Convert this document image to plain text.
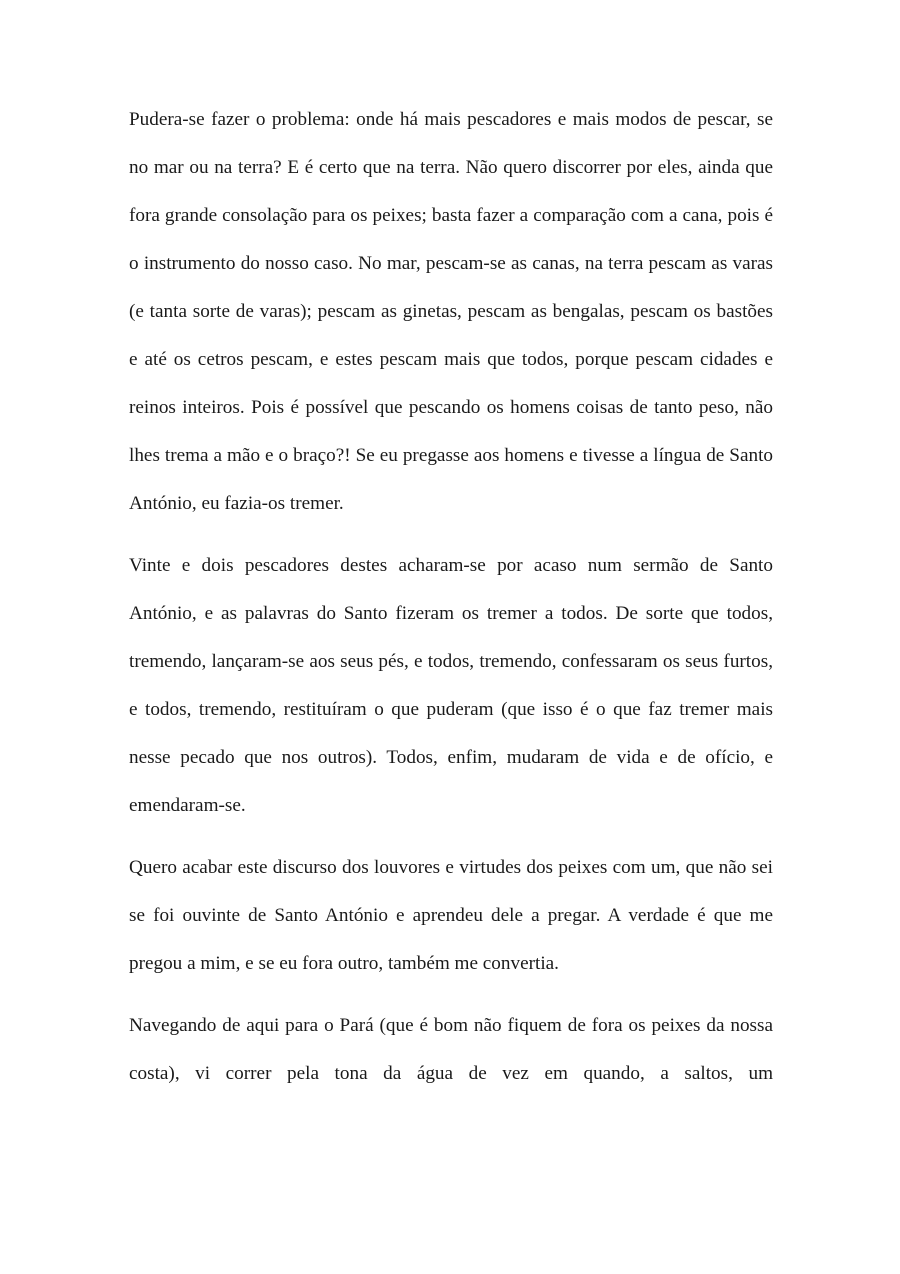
Pudera-se fazer o problema: onde há mais pescadores e mais modos de pescar, se no mar ou na terra? E é certo que na terra. Não quero discorrer por eles, ainda que fora grande consolação para os peixes; basta fazer a comparação com a cana, pois é o instrumento do nosso caso. No mar, pescam-se as canas, na terra pescam as varas (e tanta sorte de varas); pescam as ginetas, pescam as bengalas, pescam os bastões e até os cetros pescam, e estes pescam mais que todos, porque pescam cidades e reinos inteiros. Pois é possível que pescando os homens coisas de tanto peso, não lhes trema a mão e o braço?! Se eu pregasse aos homens e tivesse a língua de Santo António, eu fazia-os tremer.

Vinte e dois pescadores destes acharam-se por acaso num sermão de Santo António, e as palavras do Santo fizeram os tremer a todos. De sorte que todos, tremendo, lançaram-se aos seus pés, e todos, tremendo, confessaram os seus furtos, e todos, tremendo, restituíram o que puderam (que isso é o que faz tremer mais nesse pecado que nos outros). Todos, enfim, mudaram de vida e de ofício, e emendaram-se.

Quero acabar este discurso dos louvores e virtudes dos peixes com um, que não sei se foi ouvinte de Santo António e aprendeu dele a pregar. A verdade é que me pregou a mim, e se eu fora outro, também me convertia.

Navegando de aqui para o Pará (que é bom não fiquem de fora os peixes da nossa costa), vi correr pela tona da água de vez em quando, a saltos, um
